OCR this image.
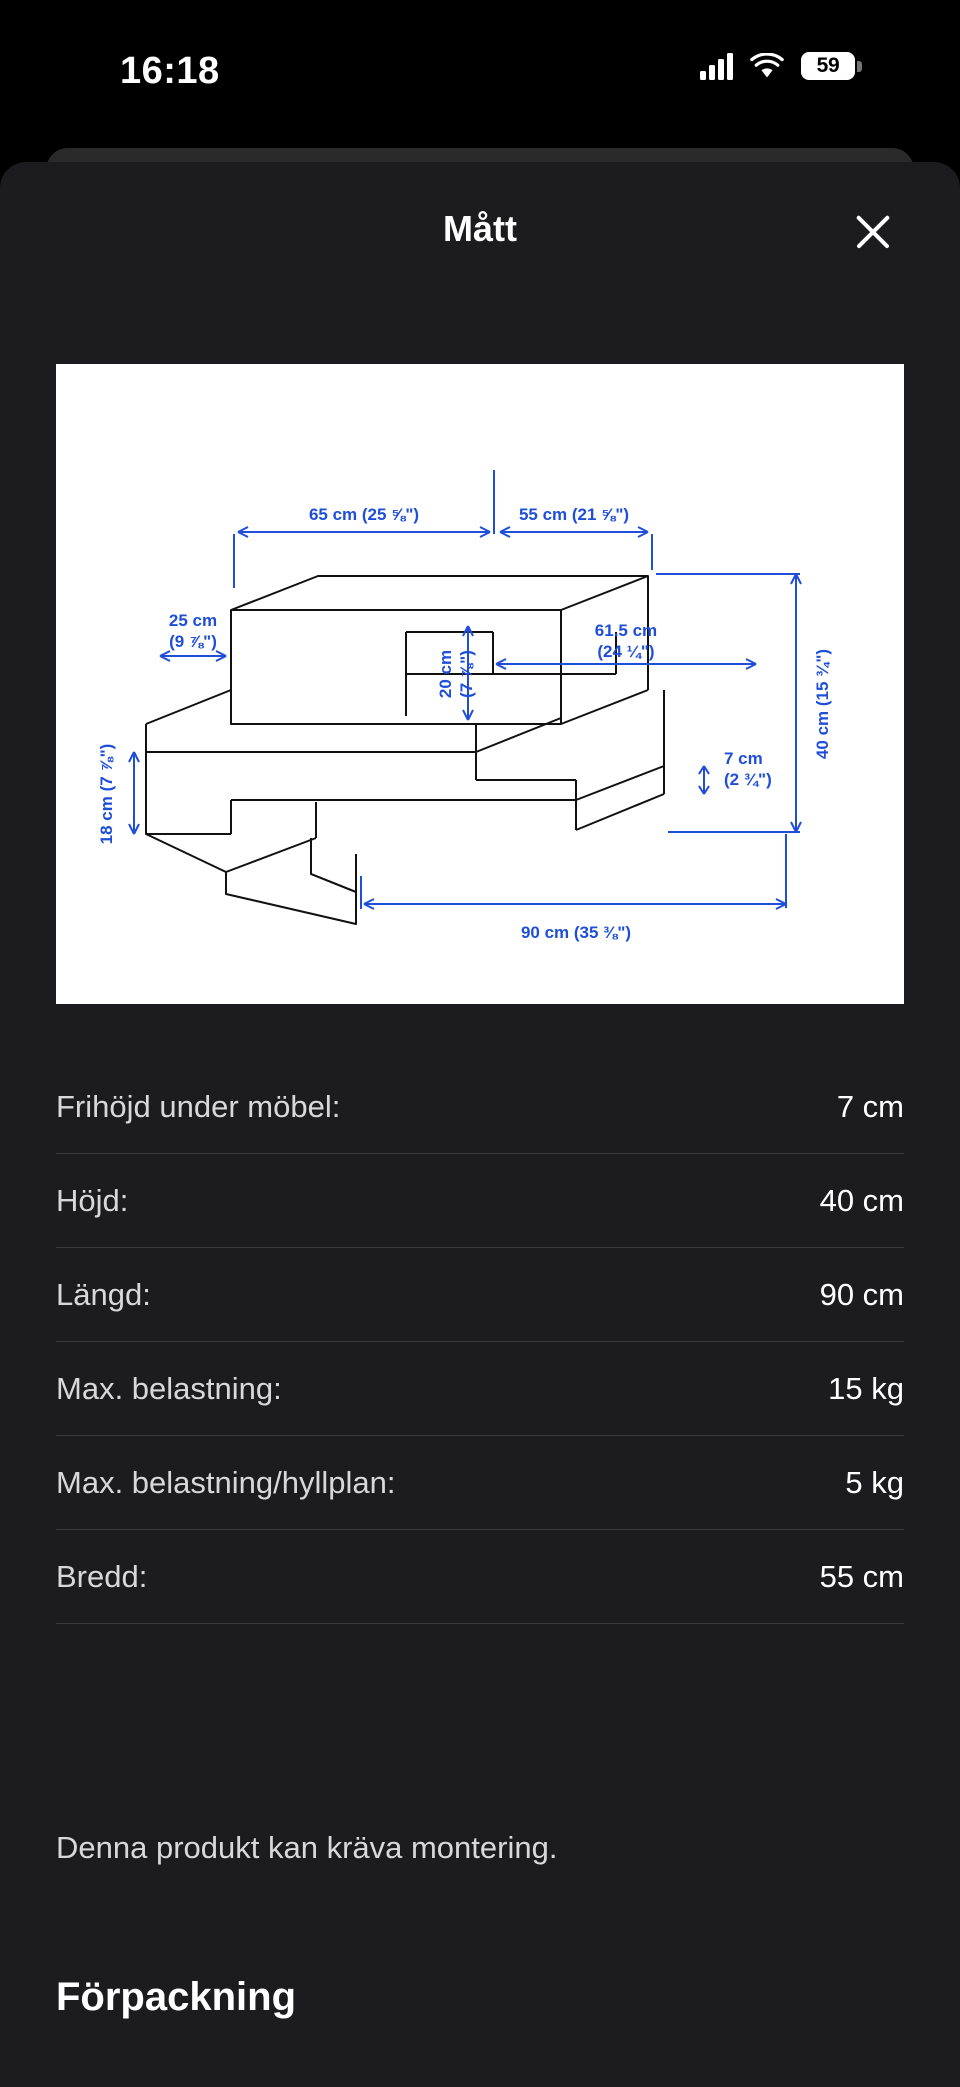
16:18	59
Mått
65 cm (25 ⅝")	55 cm (21 ⅝")
25 cm
(9 ⅞")
20 cm (7 ⅞")
61.5 cm
(24 ¼")	40 cm (15 ¾")
18 cm (7 ⅞")	7 cm
(2 ¾")
90 cm (35 ⅜")
Frihöjd under möbel:	7 cm
Höjd:	40 cm
Längd:	90 cm
Max. belastning:	15 kg
Max. belastning/hyllplan:	5 kg
Bredd:	55 cm
Denna produkt kan kräva montering.
Förpackning
